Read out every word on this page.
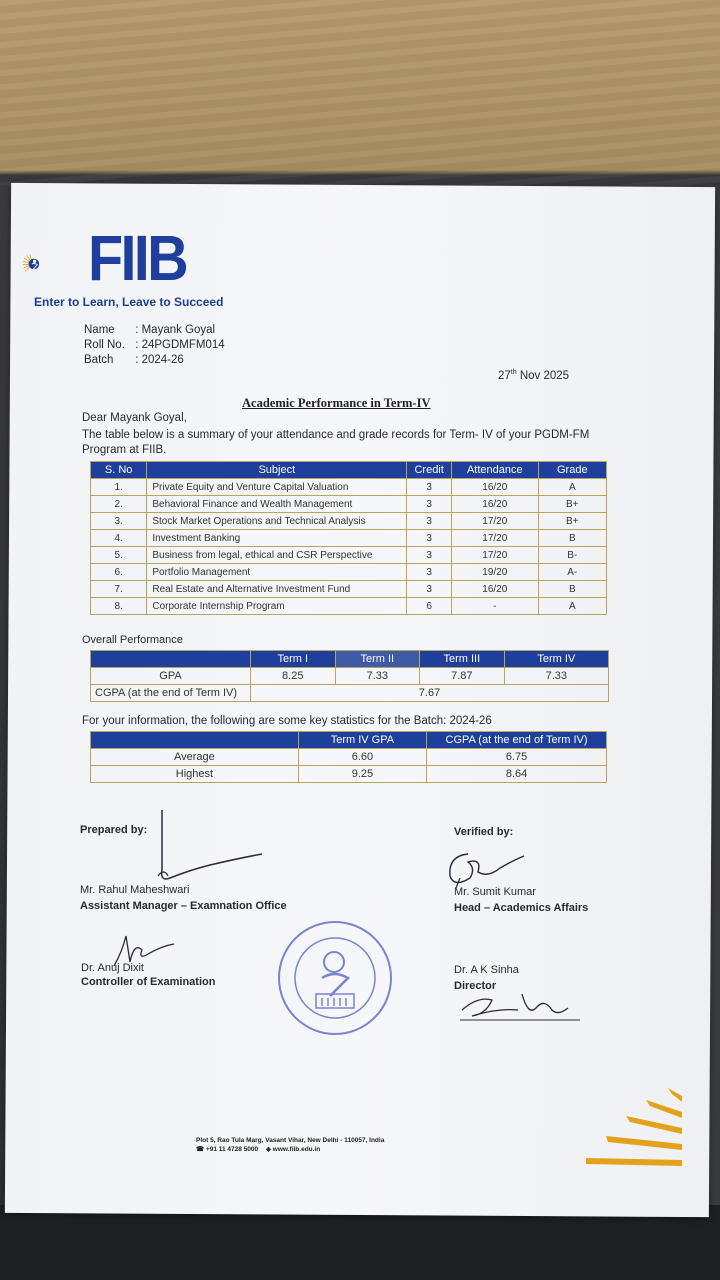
FIIB
Enter to Learn, Leave to Succeed
Name : Mayank Goyal
Roll No. : 24PGDMFM014
Batch : 2024-26
27th Nov 2025
Academic Performance in Term-IV
Dear Mayank Goyal,
The table below is a summary of your attendance and grade records for Term- IV of your PGDM-FM
Program at FIIB.
S. No	Subject	Credit	Attendance	Grade
1.	Private Equity and Venture Capital Valuation	3	16/20	A
2.	Behavioral Finance and Wealth Management	3	16/20	B+
3.	Stock Market Operations and Technical Analysis	3	17/20	B+
4.	Investment Banking	3	17/20	B
5.	Business from legal, ethical and CSR Perspective	3	17/20	B-
6.	Portfolio Management	3	19/20	A-
7.	Real Estate and Alternative Investment Fund	3	16/20	B
8.	Corporate Internship Program	6	-	A
Overall Performance
	Term I	Term II	Term III	Term IV
GPA	8.25	7.33	7.87	7.33
CGPA (at the end of Term IV)	7.67			
For your information, the following are some key statistics for the Batch: 2024-26
	Term IV GPA	CGPA (at the end of Term IV)
Average	6.60	6.75
Highest	9.25	8.64
Prepared by:	Verified by:
Mr. Rahul Maheshwari
Assistant Manager – Examnation Office
Mr. Sumit Kumar
Head – Academics Affairs
Dr. Anuj Dixit
Controller of Examination
Dr. A K Sinha
Director
Plot 5, Rao Tula Marg, Vasant Vihar, New Delhi - 110057, India
☎ +91 11 4728 5000 ◈ www.fiib.edu.in
